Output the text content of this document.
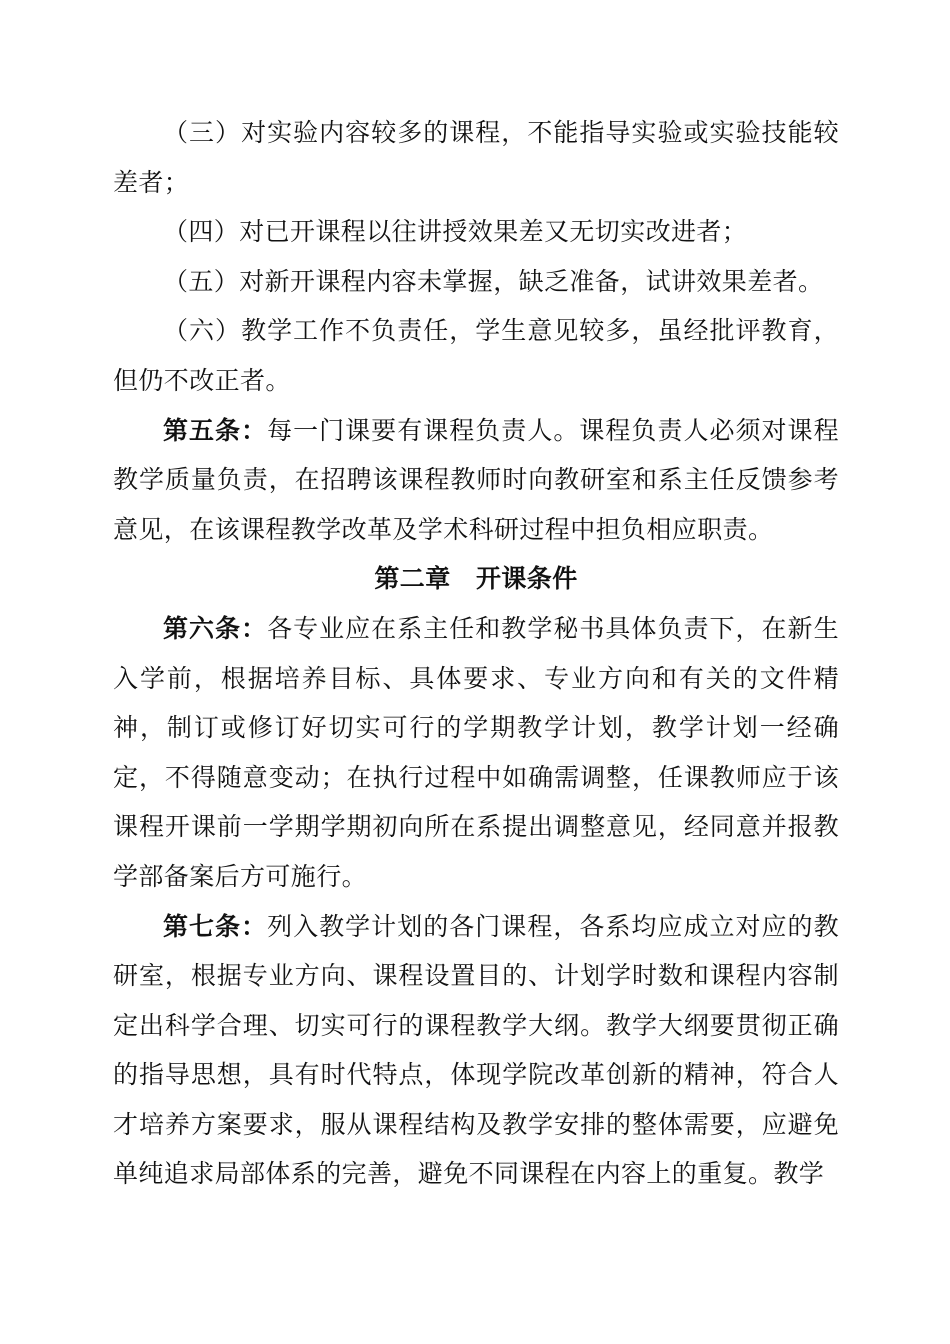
（三）对实验内容较多的课程，不能指导实验或实验技能较差者；

（四）对已开课程以往讲授效果差又无切实改进者；

（五）对新开课程内容未掌握，缺乏准备，试讲效果差者。

（六）教学工作不负责任，学生意见较多，虽经批评教育，但仍不改正者。

第五条：每一门课要有课程负责人。课程负责人必须对课程教学质量负责，在招聘该课程教师时向教研室和系主任反馈参考意见，在该课程教学改革及学术科研过程中担负相应职责。

第二章　开课条件

第六条：各专业应在系主任和教学秘书具体负责下，在新生入学前，根据培养目标、具体要求、专业方向和有关的文件精神，制订或修订好切实可行的学期教学计划，教学计划一经确定，不得随意变动；在执行过程中如确需调整，任课教师应于该课程开课前一学期学期初向所在系提出调整意见，经同意并报教学部备案后方可施行。

第七条：列入教学计划的各门课程，各系均应成立对应的教研室，根据专业方向、课程设置目的、计划学时数和课程内容制定出科学合理、切实可行的课程教学大纲。教学大纲要贯彻正确的指导思想，具有时代特点，体现学院改革创新的精神，符合人才培养方案要求，服从课程结构及教学安排的整体需要，应避免单纯追求局部体系的完善，避免不同课程在内容上的重复。教学
